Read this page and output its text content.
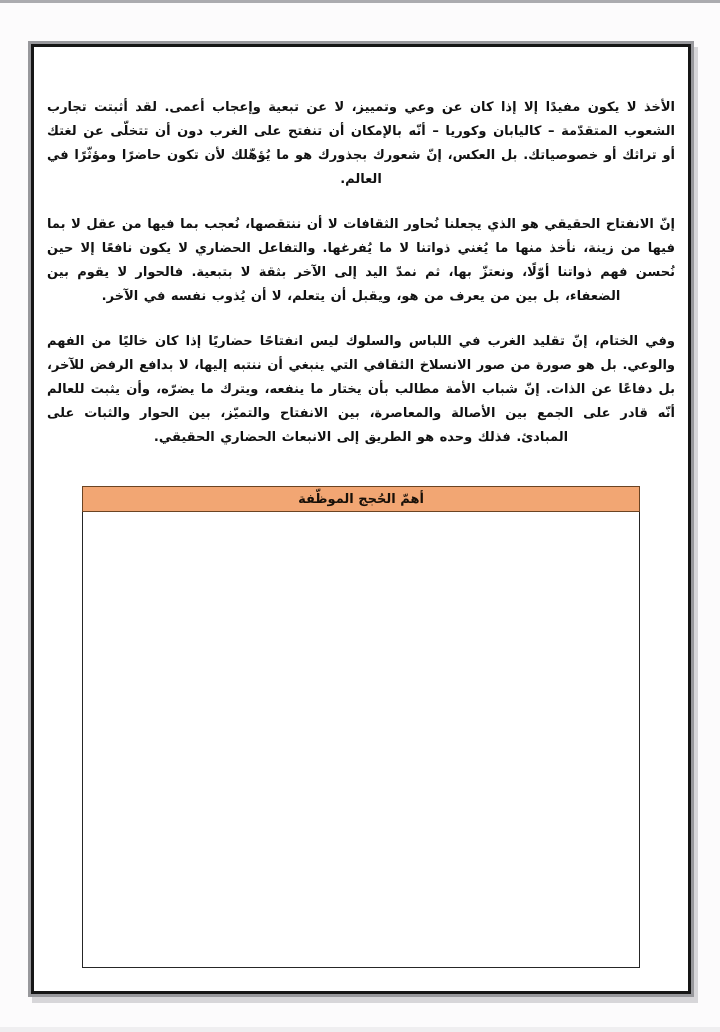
الأخذ لا يكون مفيدًا إلا إذا كان عن وعي وتمييز، لا عن تبعية وإعجاب أعمى. لقد أثبتت تجارب الشعوب المتقدّمة – كاليابان وكوريا – أنّه بالإمكان أن تنفتح على الغرب دون أن تتخلّى عن لغتك أو تراثك أو خصوصياتك. بل العكس، إنّ شعورك بجذورك هو ما يُؤهّلك لأن تكون حاضرًا ومؤثّرًا في العالم.

إنّ الانفتاح الحقيقي هو الذي يجعلنا نُحاور الثقافات لا أن ننتقصها، نُعجب بما فيها من عقل لا بما فيها من زينة، نأخذ منها ما يُغني ذواتنا لا ما يُفرغها. والتفاعل الحضاري لا يكون نافعًا إلا حين نُحسن فهم ذواتنا أوّلًا، ونعتزّ بها، ثم نمدّ اليد إلى الآخر بثقة لا بتبعية. فالحوار لا يقوم بين الضعفاء، بل بين من يعرف من هو، ويقبل أن يتعلم، لا أن يُذوب نفسه في الآخر.

وفي الختام، إنّ تقليد الغرب في اللباس والسلوك ليس انفتاحًا حضاريًا إذا كان خاليًا من الفهم والوعي. بل هو صورة من صور الانسلاخ الثقافي التي ينبغي أن ننتبه إليها، لا بدافع الرفض للآخر، بل دفاعًا عن الذات. إنّ شباب الأمة مطالب بأن يختار ما ينفعه، ويترك ما يضرّه، وأن يثبت للعالم أنّه قادر على الجمع بين الأصالة والمعاصرة، بين الانفتاح والتميّز، بين الحوار والثبات على المبادئ. فذلك وحده هو الطريق إلى الانبعاث الحضاري الحقيقي.

أهمّ الحُجج الموظّفة
